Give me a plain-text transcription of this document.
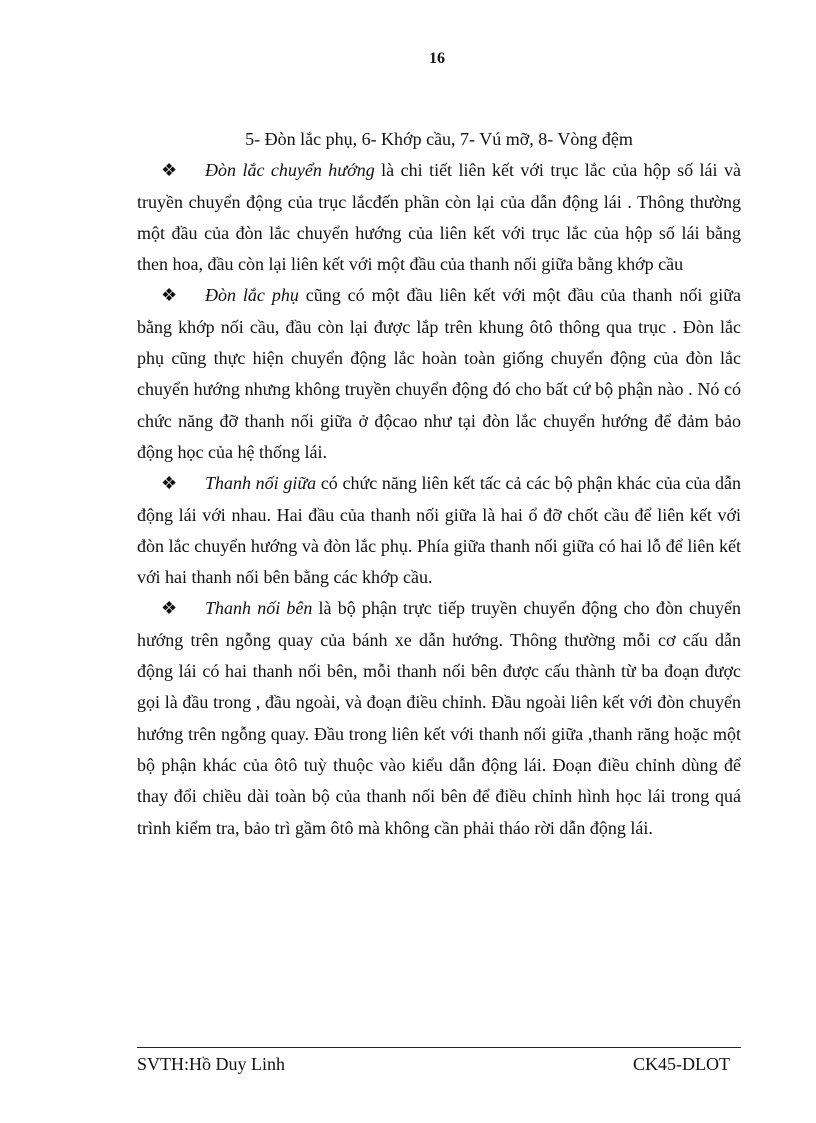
16

5- Đòn lắc phụ, 6- Khớp cầu, 7- Vú mỡ, 8- Vòng đệm

❖ Đòn lắc chuyển hướng là chi tiết liên kết với trục lắc của hộp số lái và truyền chuyển động của trục lắcđến phần còn lại của dẫn động lái . Thông thường một đầu của đòn lắc chuyển hướng của liên kết với trục lắc của hộp số lái bằng then hoa, đầu còn lại liên kết với một đầu của thanh nối giữa bằng khớp cầu

❖ Đòn lắc phụ cũng có một đầu liên kết với một đầu của thanh nối giữa bằng khớp nối cầu, đầu còn lại được lắp trên khung ôtô thông qua trục . Đòn lắc phụ cũng thực hiện chuyển động lắc hoàn toàn giống chuyển động của đòn lắc chuyển hướng nhưng không truyền chuyển động đó cho bất cứ bộ phận nào . Nó có chức năng đỡ thanh nối giữa ở độcao như tại đòn lắc chuyển hướng để đảm bảo động học của hệ thống lái.

❖ Thanh nối giữa có chức năng liên kết tấc cả các bộ phận khác của của dẫn động lái với nhau. Hai đầu của thanh nối giữa là hai ổ đỡ chốt cầu để liên kết với đòn lắc chuyển hướng và đòn lắc phụ. Phía giữa thanh nối giữa có hai lỗ để liên kết với hai thanh nối bên bằng các khớp cầu.

❖ Thanh nối bên là bộ phận trực tiếp truyền chuyển động cho đòn chuyển hướng trên ngỗng quay của bánh xe dẫn hướng. Thông thường mỗi cơ cấu dẫn động lái có hai thanh nối bên, mỗi thanh nối bên được cấu thành từ ba đoạn được gọi là đầu trong , đầu ngoài, và đoạn điều chỉnh. Đầu ngoài liên kết với đòn chuyển hướng trên ngỗng quay. Đầu trong liên kết với thanh nối giữa ,thanh răng hoặc một bộ phận khác của ôtô tuỳ thuộc vào kiểu dẫn động lái. Đoạn điều chỉnh dùng để thay đổi chiều dài toàn bộ của thanh nối bên để điều chỉnh hình học lái trong quá trình kiểm tra, bảo trì gầm ôtô mà không cần phải tháo rời dẫn động lái.

SVTH:Hồ Duy Linh	CK45-DLOT
